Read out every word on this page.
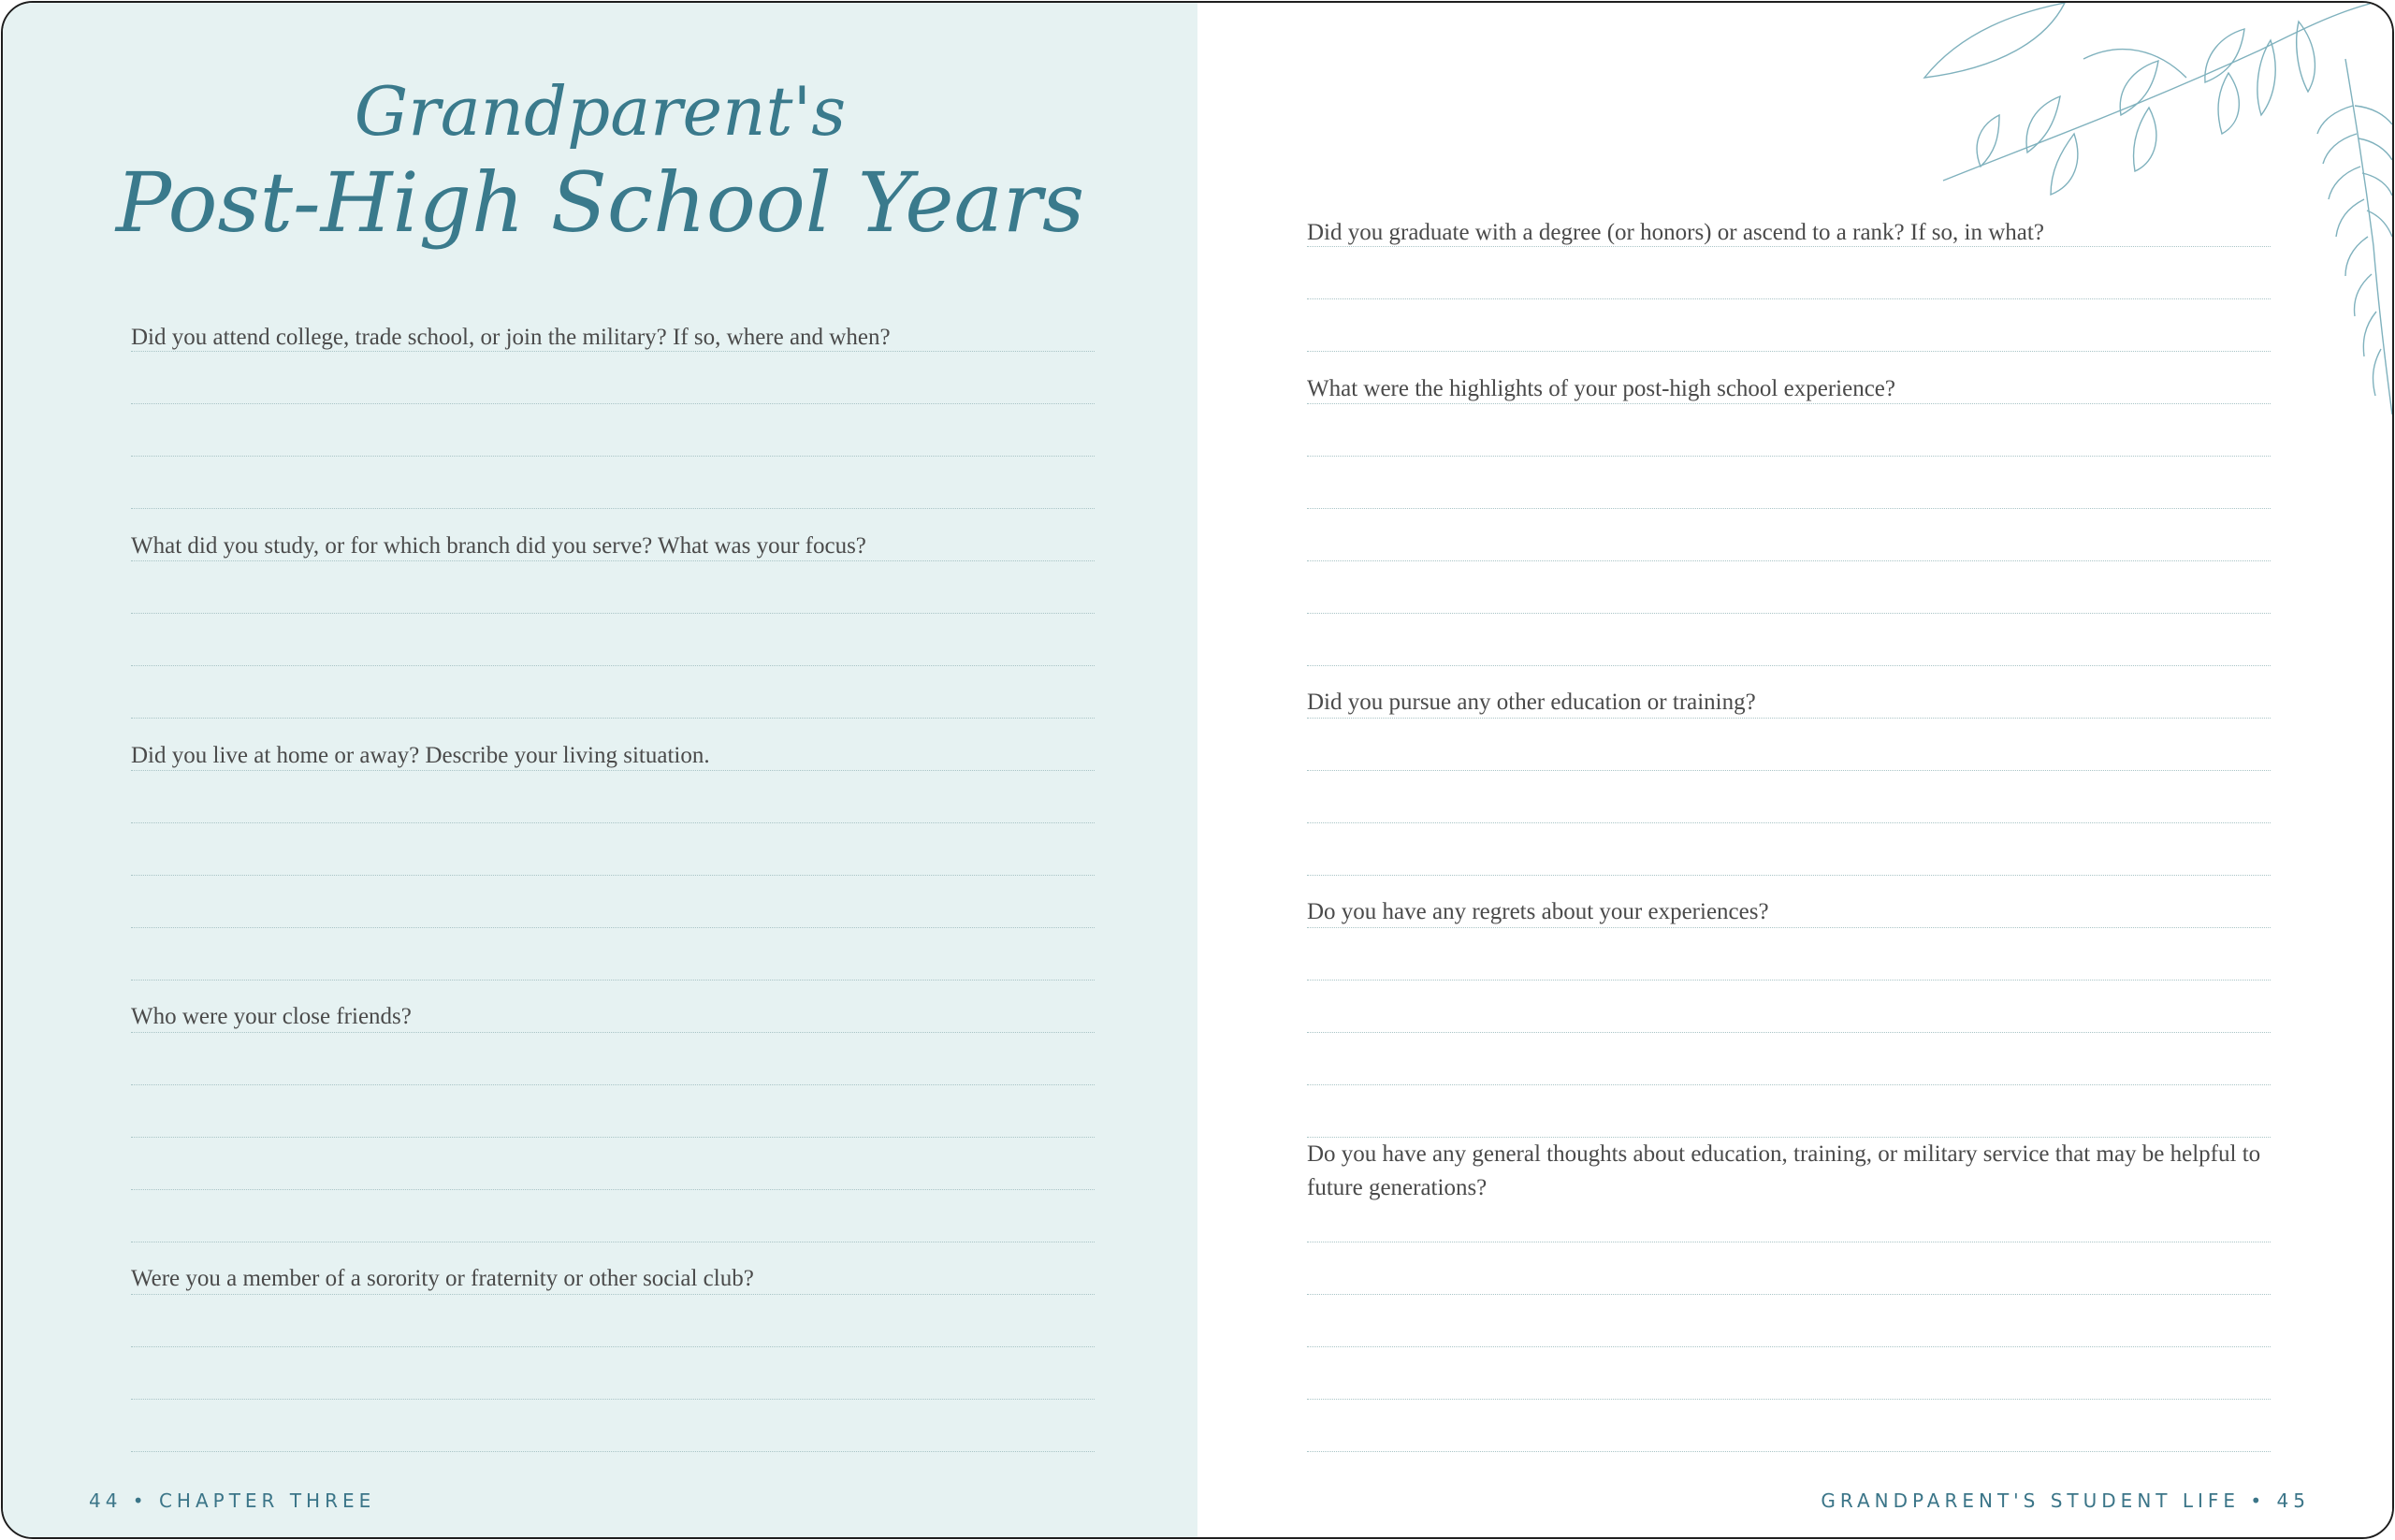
Grandparent's
Post-High School Years

Did you attend college, trade school, or join the military? If so, where and when?

What did you study, or for which branch did you serve? What was your focus?

Did you live at home or away? Describe your living situation.

Who were your close friends?

Were you a member of a sorority or fraternity or other social club?

44 • CHAPTER THREE

Did you graduate with a degree (or honors) or ascend to a rank? If so, in what?

What were the highlights of your post-high school experience?

Did you pursue any other education or training?

Do you have any regrets about your experiences?

Do you have any general thoughts about education, training, or military service that may be helpful to future generations?

GRANDPARENT'S STUDENT LIFE • 45
